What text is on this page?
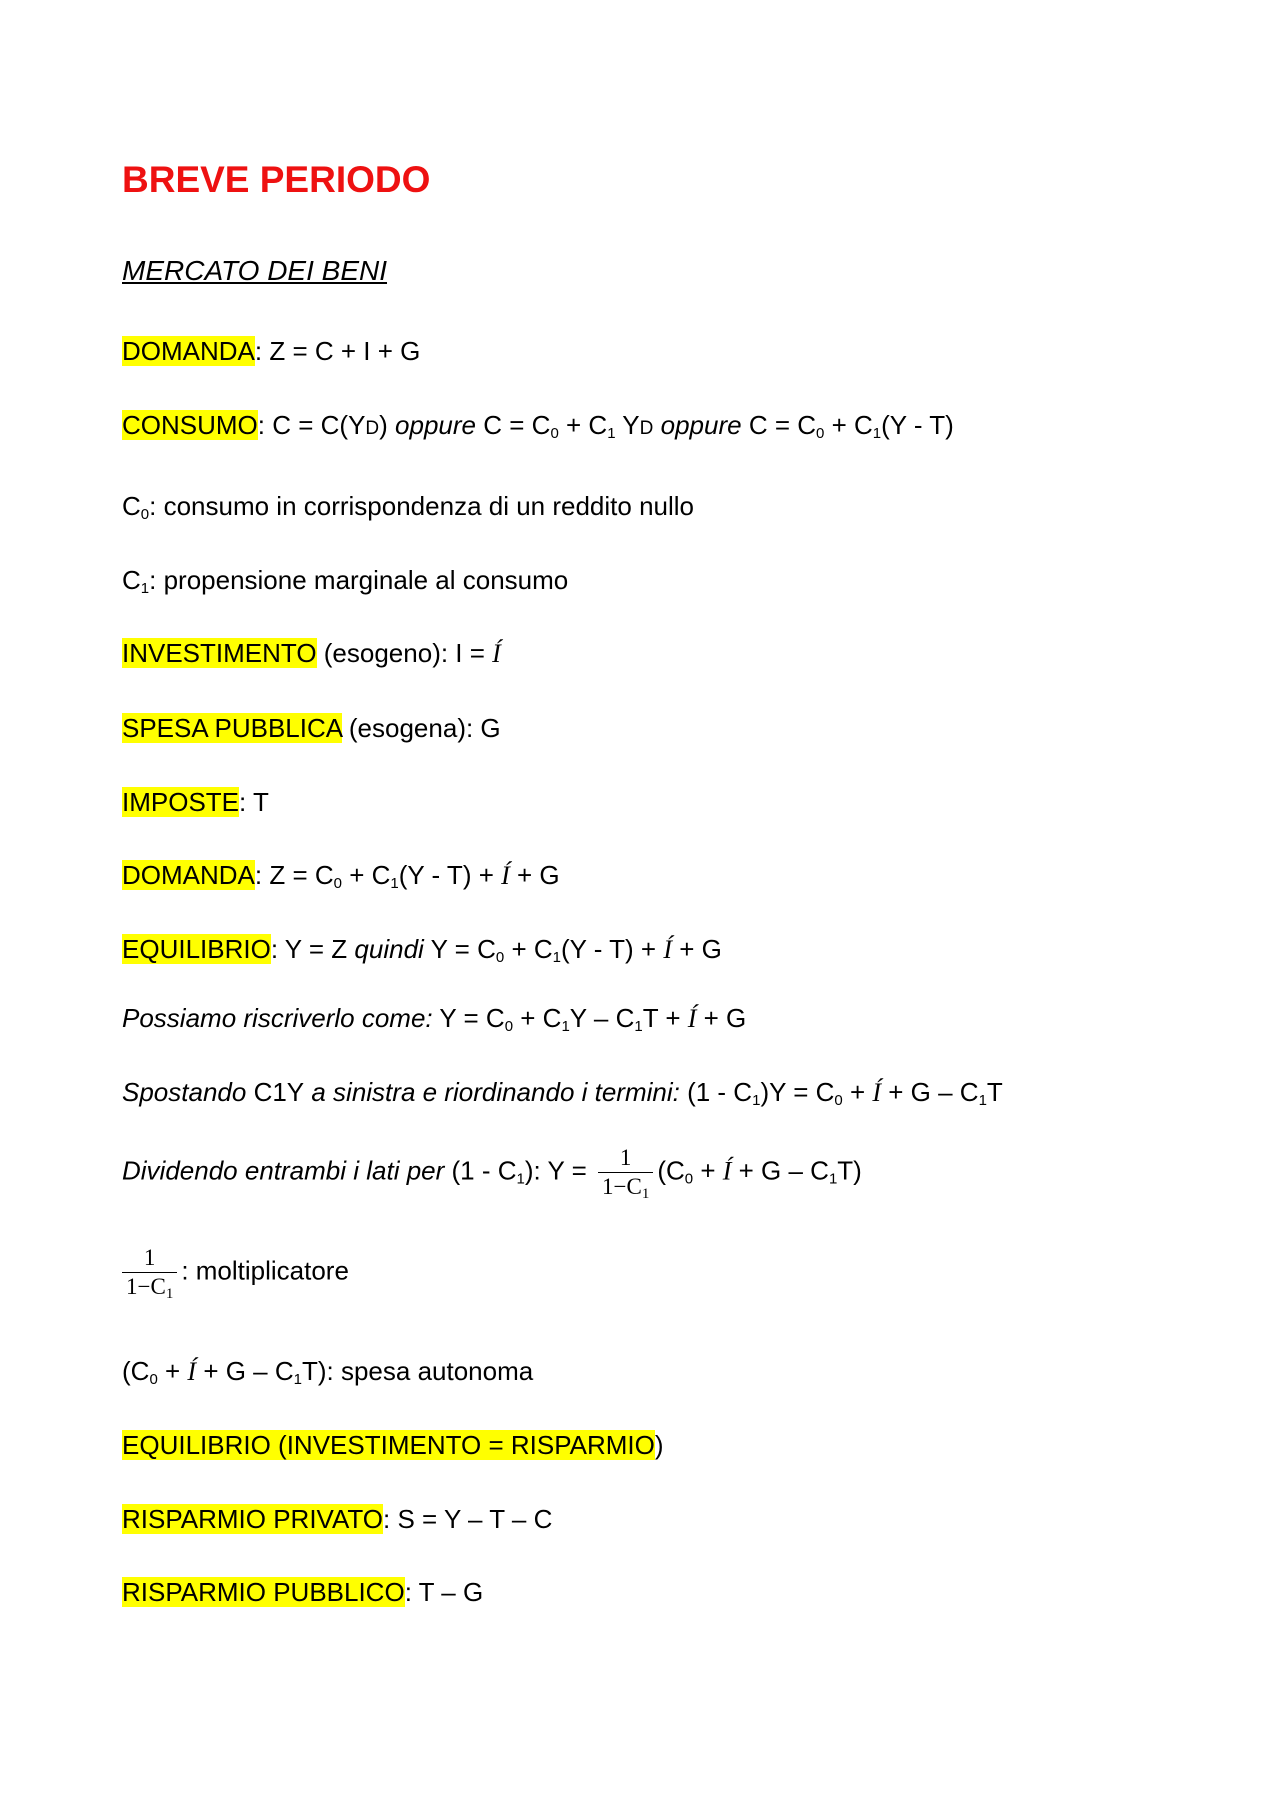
BREVE PERIODO
MERCATO DEI BENI
DOMANDA: Z = C + I + G
CONSUMO: C = C(YD) oppure $C = C_0 + C_1$ YD oppure $C = C_0 + C_1(Y - T)$
$C_0$: consumo in corrispondenza di un reddito nullo
$C_1$: propensione marginale al consumo
INVESTIMENTO (esogeno): I = Í
SPESA PUBBLICA (esogena): G
IMPOSTE: T
DOMANDA: $Z = C_0 + C_1(Y - T)$ + Í + G
EQUILIBRIO: Y = Z quindi $Y = C_0 + C_1(Y - T)$ + Í + G
Possiamo riscriverlo come: $Y = C_0 + C_1Y - C_1T$ + Í + G
Spostando C1Y a sinistra e riordinando i termini: $(1 - C_1)Y = C_0$ + Í + G – $C_1T$
Dividendo entrambi i lati per $(1 - C_1)$: $Y = \frac{1}{1-C_1} (C_0$ + Í + G – $C_1T$)
$\frac{1}{1-C_1}$ : moltiplicatore
($C_0$ + Í + G – $C_1T$): spesa autonoma
EQUILIBRIO (INVESTIMENTO = RISPARMIO)
RISPARMIO PRIVATO: S = Y – T – C
RISPARMIO PUBBLICO: T – G
